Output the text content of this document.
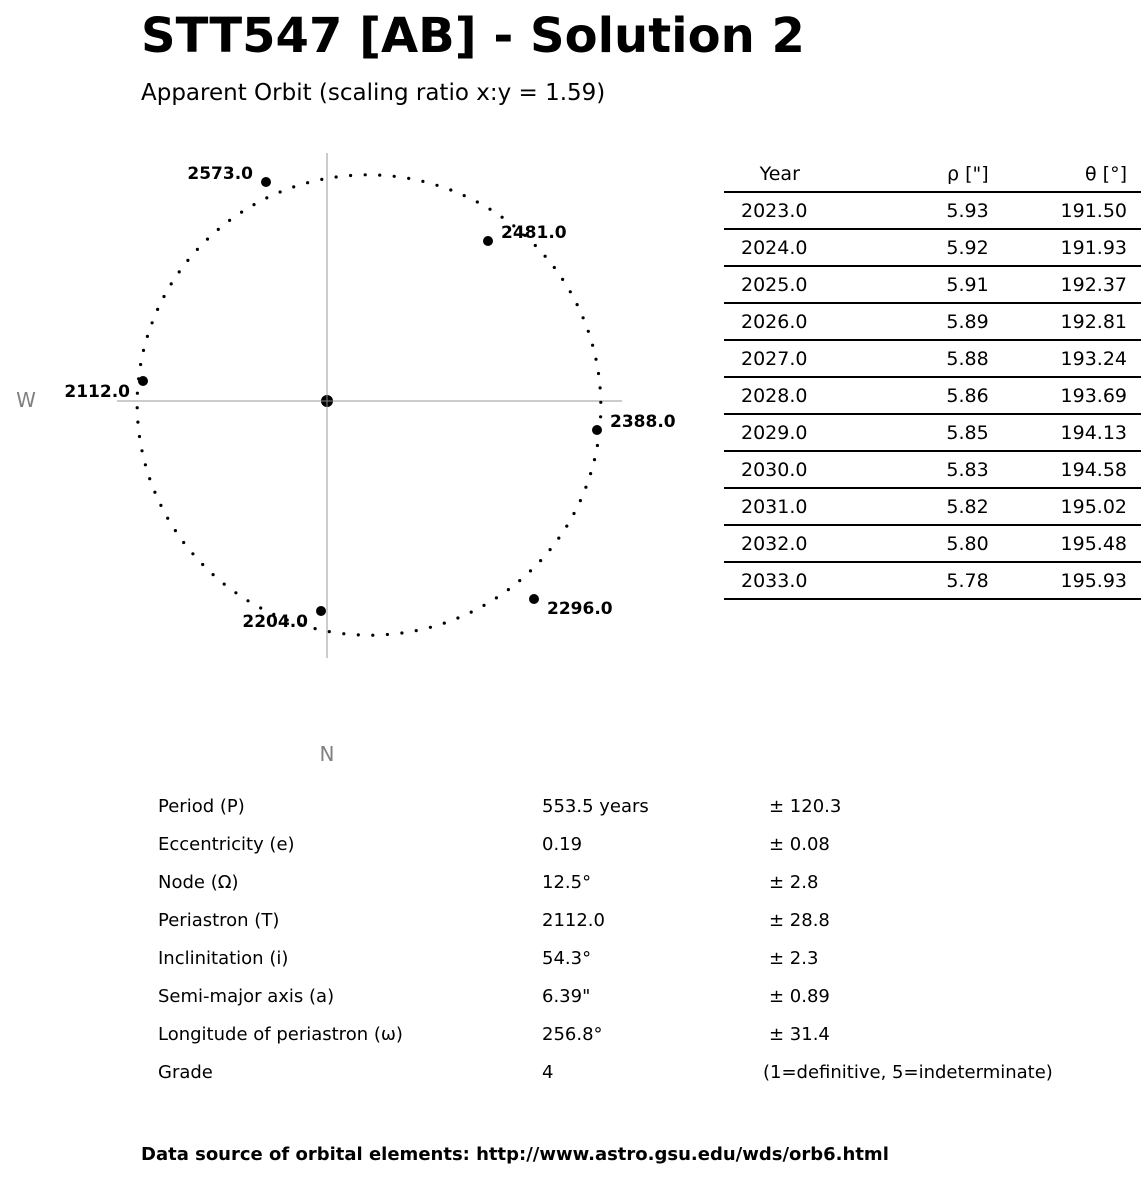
STT547 [AB] - Solution 2
Apparent Orbit (scaling ratio x:y = 1.59)
2573.0
2481.0
2112.0
2388.0
2204.0
2296.0
W
N
Year	ρ ["]	θ [°]
2023.0	5.93	191.50
2024.0	5.92	191.93
2025.0	5.91	192.37
2026.0	5.89	192.81
2027.0	5.88	193.24
2028.0	5.86	193.69
2029.0	5.85	194.13
2030.0	5.83	194.58
2031.0	5.82	195.02
2032.0	5.80	195.48
2033.0	5.78	195.93
Period (P)	553.5 years	± 120.3
Eccentricity (e)	0.19	± 0.08
Node (Ω)	12.5°	± 2.8
Periastron (T)	2112.0	± 28.8
Inclinitation (i)	54.3°	± 2.3
Semi-major axis (a)	6.39"	± 0.89
Longitude of periastron (ω)	256.8°	± 31.4
Grade	4	(1=definitive, 5=indeterminate)
Data source of orbital elements: http://www.astro.gsu.edu/wds/orb6.html
